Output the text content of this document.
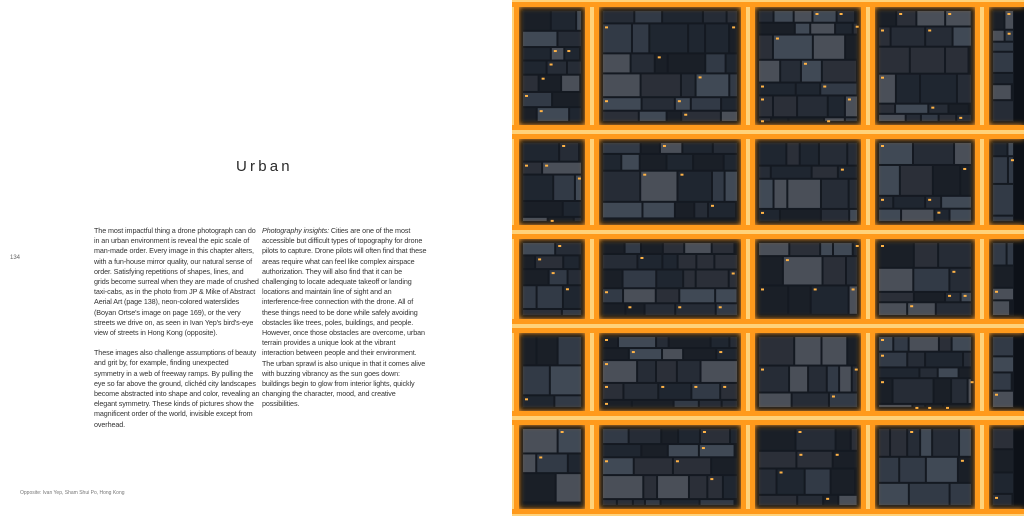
134
Urban

The most impactful thing a drone photograph can do in an urban environment is reveal the epic scale of man-made order. Every image in this chapter alters, with a fun-house mirror quality, our natural sense of order. Satisfying repetitions of shapes, lines, and grids become surreal when they are made of crushed taxi-cabs, as in the photo from JP & Mike of Abstract Aerial Art (page 138), neon-colored waterslides (Boyan Ortse's image on page 169), or the very streets we drive on, as seen in Ivan Yep's bird's-eye view of streets in Hong Kong (opposite).

These images also challenge assumptions of beauty and grit by, for example, finding unexpected symmetry in a web of freeway ramps. By pulling the eye so far above the ground, clichéd city landscapes become abstracted into shape and color, revealing an elegant symmetry. These kinds of pictures show the magnificent order of the world, invisible except from overhead.

Photography insights: Cities are one of the most accessible but difficult types of topography for drone pilots to capture. Drone pilots will often find that these areas require what can feel like complex airspace authorization. They will also find that it can be challenging to locate adequate takeoff or landing locations and maintain line of sight and an interference-free connection with the drone. All of these things need to be done while safely avoiding obstacles like trees, poles, buildings, and people. However, once those obstacles are overcome, urban terrain provides a unique look at the vibrant interaction between people and their environment. The urban sprawl is also unique in that it comes alive with buzzing vibrancy as the sun goes down: buildings begin to glow from interior lights, quickly changing the character, mood, and creative possibilities.

Opposite: Ivan Yep, Sham Shui Po, Hong Kong
